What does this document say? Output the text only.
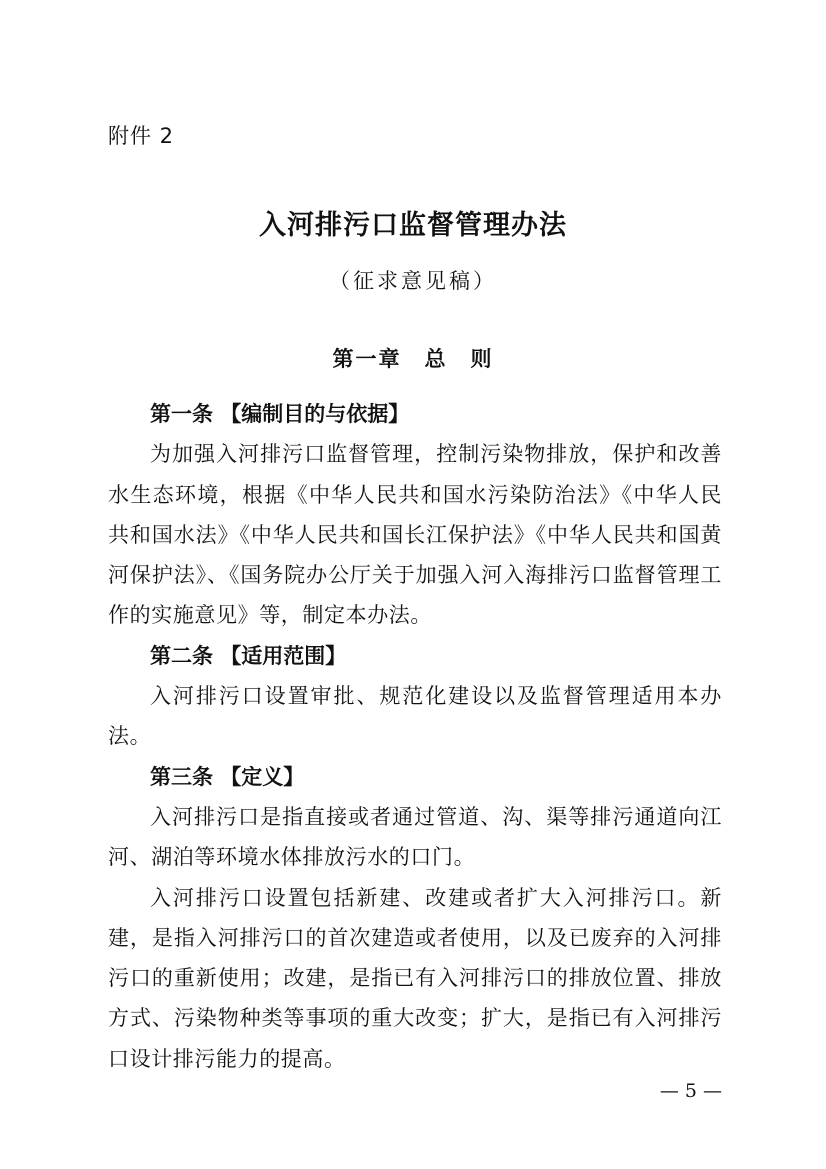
附件 2
入河排污口监督管理办法
（征求意见稿）
第一章　总　则

第一条 【编制目的与依据】

为加强入河排污口监督管理，控制污染物排放，保护和改善水生态环境，根据《中华人民共和国水污染防治法》《中华人民共和国水法》《中华人民共和国长江保护法》《中华人民共和国黄河保护法》、《国务院办公厅关于加强入河入海排污口监督管理工作的实施意见》等，制定本办法。

第二条 【适用范围】

入河排污口设置审批、规范化建设以及监督管理适用本办法。

第三条 【定义】

入河排污口是指直接或者通过管道、沟、渠等排污通道向江河、湖泊等环境水体排放污水的口门。

入河排污口设置包括新建、改建或者扩大入河排污口。新建，是指入河排污口的首次建造或者使用，以及已废弃的入河排污口的重新使用；改建，是指已有入河排污口的排放位置、排放方式、污染物种类等事项的重大改变；扩大，是指已有入河排污口设计排污能力的提高。

— 5 —
